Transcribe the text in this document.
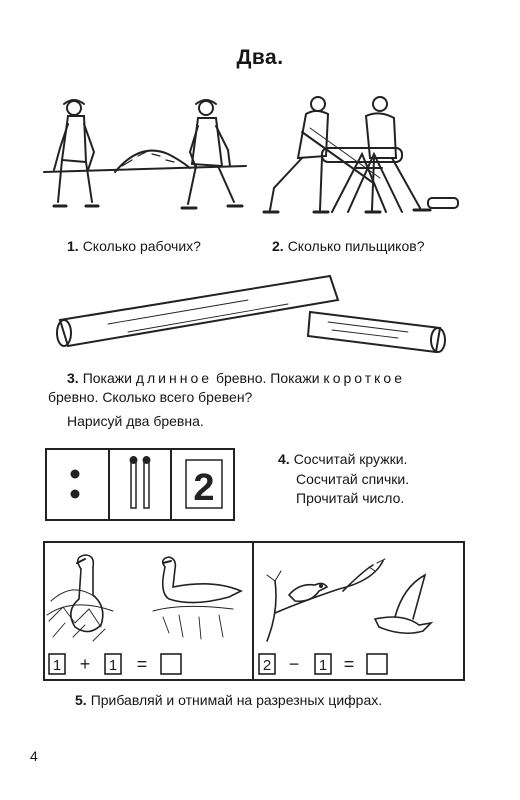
Два.
1. Сколько рабочих?	2. Сколько пильщиков?
3. Покажи длинное бревно. Покажи короткое
бревно. Сколько всего бревен?
Нарисуй два бревна.
2
4. Сосчитай кружки.
Сосчитай спички.
Прочитай число.
1 + 1 =	2 − 1 =
5. Прибавляй и отнимай на разрезных цифрах.
4
